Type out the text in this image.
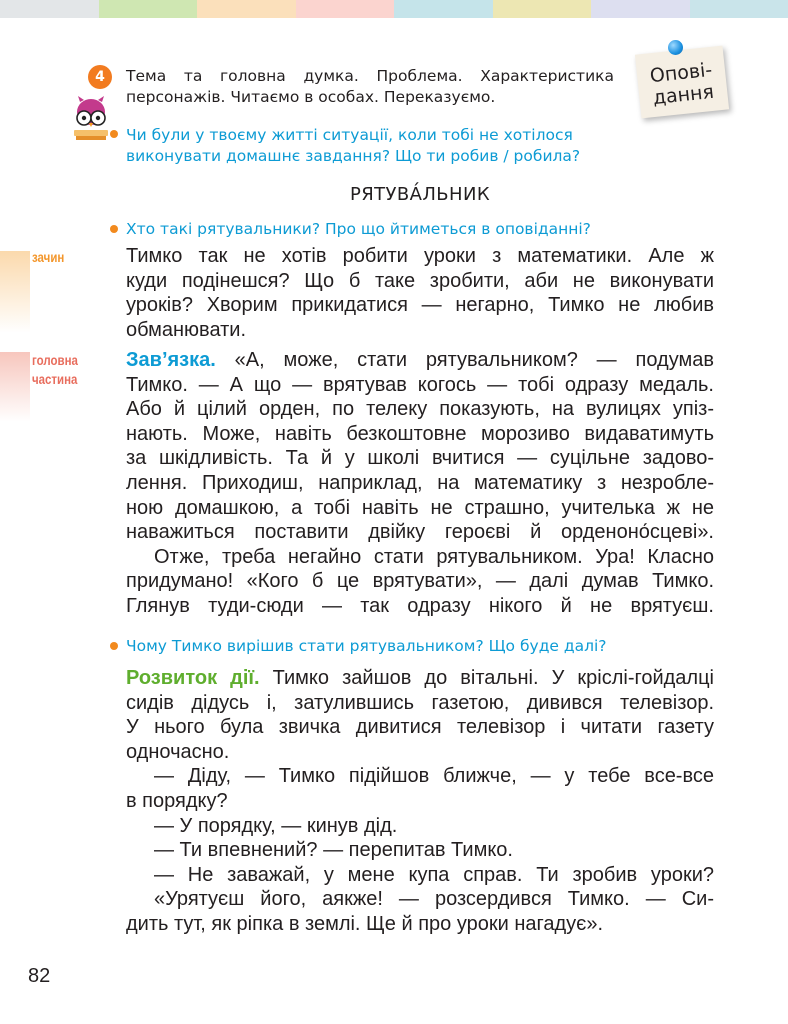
4	Тема та головна думка. Проблема. Характеристика персонажів. Читаємо в особах. Переказуємо.
Чи були у твоєму житті ситуації, коли тобі не хотілося виконувати домашнє завдання? Що ти робив / робила?
Опові-
дання
РЯТУВА́ЛЬНИК
Хто такі рятувальники? Про що йтиметься в оповіданні?
зачин
головна
частина
Тимко так не хотів робити уроки з математики. Але ж
куди подінешся? Що б таке зробити, аби не виконувати
уроків? Хворим прикидатися — негарно, Тимко не любив
обманювати.
Зав’язка. «А, може, стати рятувальником? — подумав
Тимко. — А що — врятував когось — тобі одразу медаль.
Або й цілий орден, по телеку показують, на вулицях упіз-
нають. Може, навіть безкоштовне морозиво видаватимуть
за шкідливість. Та й у школі вчитися — суцільне задово-
лення. Приходиш, наприклад, на математику з незроблe-
ною домашкою, а тобі навіть не страшно, учителька ж не
наважиться поставити двійку героєві й орденоно́сцеві».
Отже, треба негайно стати рятувальником. Ура! Класно
придумано! «Кого б це врятувати», — далі думав Тимко.
Глянув туди-сюди — так одразу нікого й не врятуєш.
Чому Тимко вирішив стати рятувальником? Що буде далі?
Розвиток дії. Тимко зайшов до вітальні. У кріслі-гойдалці
сидів дідусь і, затулившись газетою, дивився телевізор.
У нього була звичка дивитися телевізор і читати газету
одночасно.
— Діду, — Тимко підійшов ближче, — у тебе все-все
в порядку?
— У порядку, — кинув дід.
— Ти впевнений? — перепитав Тимко.
— Не заважай, у мене купа справ. Ти зробив уроки?
«Урятуєш його, аякже! — розсердився Тимко. — Си-
дить тут, як ріпка в землі. Ще й про уроки нагадує».
82
